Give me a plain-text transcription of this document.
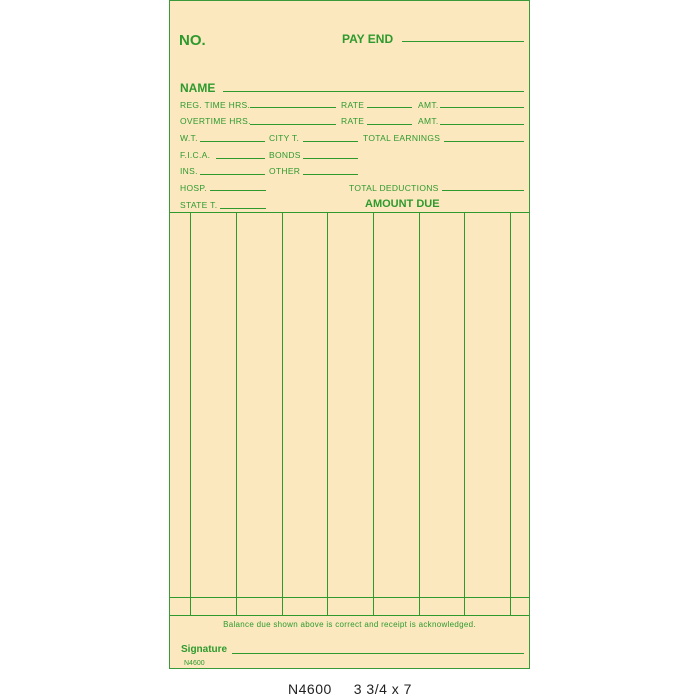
NO.	PAY END
NAME
REG. TIME HRS.	RATE	AMT.
OVERTIME HRS.	RATE	AMT.
W.T.	CITY T.	TOTAL EARNINGS
F.I.C.A.	BONDS
INS.	OTHER
HOSP.	TOTAL DEDUCTIONS
STATE T.	AMOUNT DUE
Balance due shown above is correct and receipt is acknowledged.
Signature
N4600
N4600 3 3/4 x 7
